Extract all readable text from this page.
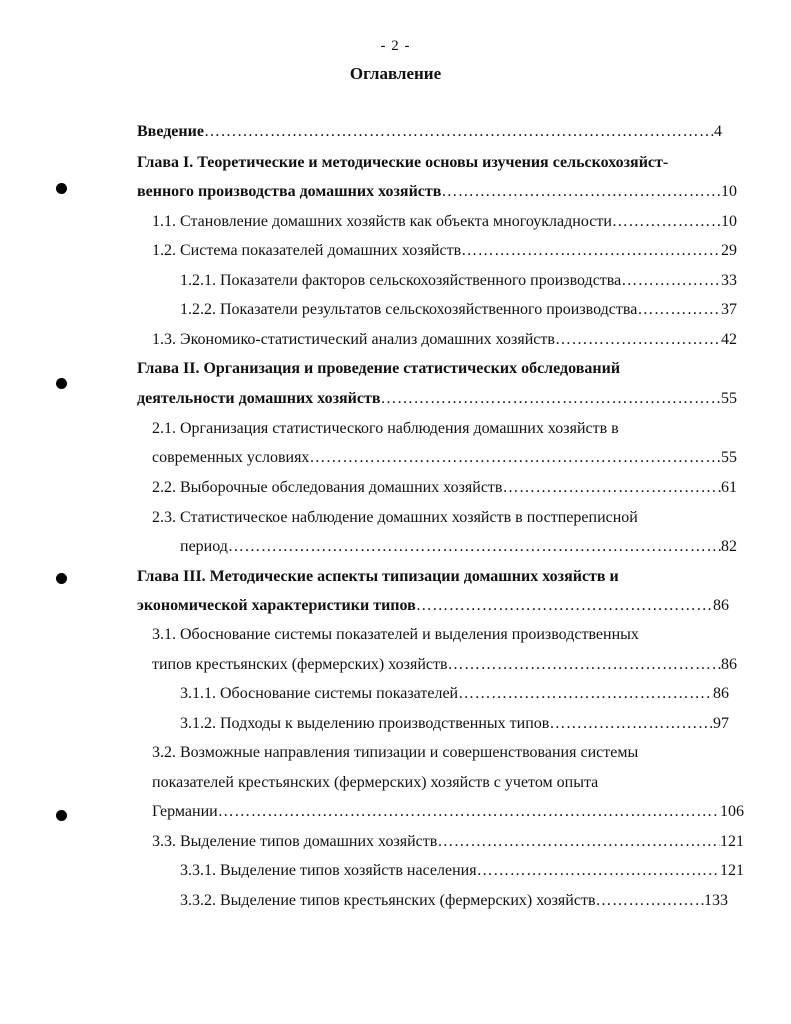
- 2 -
Оглавление
Введение ………………………………………………………………………………………………………………………………………………………………………………	4
Глава I. Теоретические и методические основы изучения сельскохозяйст-
венного производства домашних хозяйств ………………………………………………………………………………………………………………………………………………………………………………	10
1.1. Становление домашних хозяйств как объекта многоукладности ………………………………………………………………………………………………………………………………………………………………………………	10
1.2. Система показателей домашних хозяйств ………………………………………………………………………………………………………………………………………………………………………………	29
1.2.1. Показатели факторов сельскохозяйственного производства ………………………………………………………………………………………………………………………………………………………………………………	33
1.2.2. Показатели результатов сельскохозяйственного производства ………………………………………………………………………………………………………………………………………………………………………………	37
1.3. Экономико-статистический анализ домашних хозяйств ………………………………………………………………………………………………………………………………………………………………………………	42
Глава II. Организация и проведение статистических обследований
деятельности домашних хозяйств ………………………………………………………………………………………………………………………………………………………………………………	55
2.1. Организация статистического наблюдения домашних хозяйств в
современных условиях ………………………………………………………………………………………………………………………………………………………………………………	55
2.2. Выборочные обследования домашних хозяйств ………………………………………………………………………………………………………………………………………………………………………………	61
2.3. Статистическое наблюдение домашних хозяйств в постпереписной
период ………………………………………………………………………………………………………………………………………………………………………………	82
Глава III. Методические аспекты типизации домашних хозяйств и
экономической характеристики типов ………………………………………………………………………………………………………………………………………………………………………………	86
3.1. Обоснование системы показателей и выделения производственных
типов крестьянских (фермерских) хозяйств ………………………………………………………………………………………………………………………………………………………………………………	86
3.1.1. Обоснование системы показателей ………………………………………………………………………………………………………………………………………………………………………………	86
3.1.2. Подходы к выделению производственных типов ………………………………………………………………………………………………………………………………………………………………………………	97
3.2. Возможные направления типизации и совершенствования системы
показателей крестьянских (фермерских) хозяйств с учетом опыта
Германии ………………………………………………………………………………………………………………………………………………………………………………	106
3.3. Выделение типов домашних хозяйств ………………………………………………………………………………………………………………………………………………………………………………	121
3.3.1. Выделение типов хозяйств населения ………………………………………………………………………………………………………………………………………………………………………………	121
3.3.2. Выделение типов крестьянских (фермерских) хозяйств ………………………………………………………………………………………………………………………………………………………………………………	133
